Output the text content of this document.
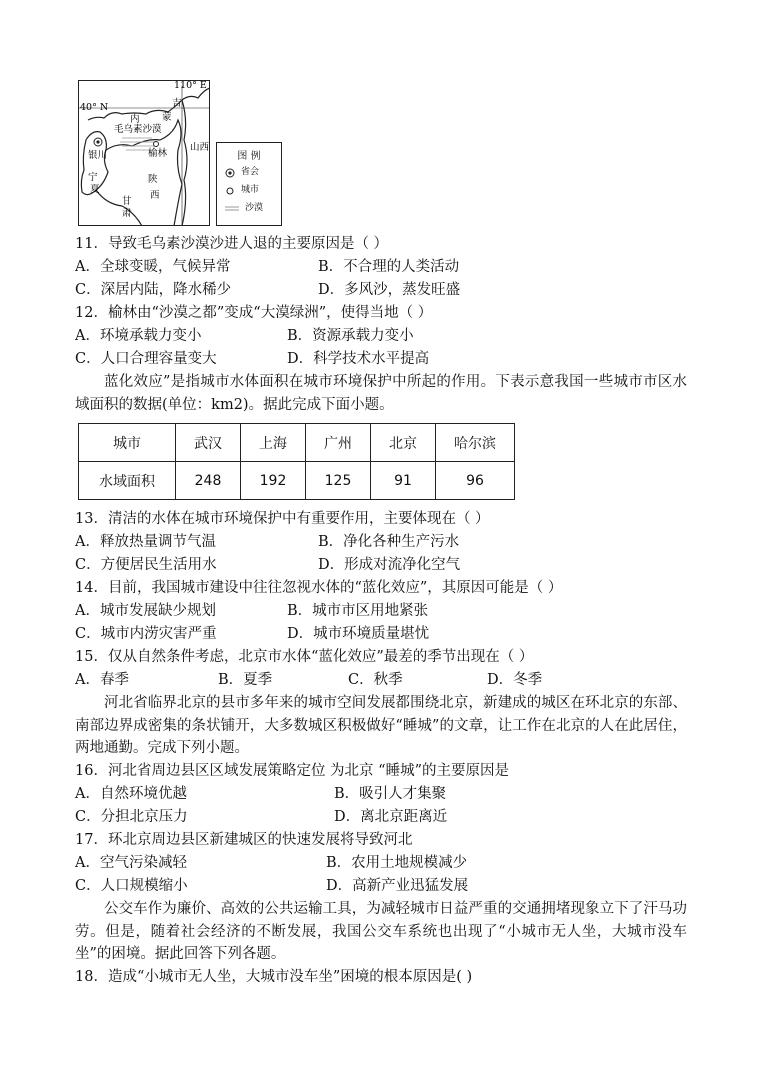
110° E
40° N	吉
内 蒙
毛乌素沙漠
银川	榆林
山西
宁
夏
陕
西
甘
肃
图 例
省会
城市
沙漠
11．导致毛乌素沙漠沙进人退的主要原因是（ ）
A．全球变暖，气候异常	B．不合理的人类活动
C．深居内陆，降水稀少	D．多风沙，蒸发旺盛
12．榆林由“沙漠之都”变成“大漠绿洲”，使得当地（ ）
A．环境承载力变小	B．资源承载力变小
C．人口合理容量变大	D．科学技术水平提高
蓝化效应”是指城市水体面积在城市环境保护中所起的作用。下表示意我国一些城市市区水域面积的数据(单位：km2)。据此完成下面小题。
城市	武汉	上海	广州	北京	哈尔滨
水域面积	248	192	125	91	96
13．清洁的水体在城市环境保护中有重要作用，主要体现在（ ）
A．释放热量调节气温	B．净化各种生产污水
C．方便居民生活用水	D．形成对流净化空气
14．目前，我国城市建设中往往忽视水体的“蓝化效应”，其原因可能是（ ）
A．城市发展缺少规划	B．城市市区用地紧张
C．城市内涝灾害严重	D．城市环境质量堪忧
15．仅从自然条件考虑，北京市水体“蓝化效应”最差的季节出现在（ ）
A．春季	B．夏季	C．秋季	D．冬季
河北省临界北京的县市多年来的城市空间发展都围绕北京，新建成的城区在环北京的东部、南部边界成密集的条状铺开，大多数城区积极做好“睡城”的文章，让工作在北京的人在此居住，两地通勤。完成下列小题。
16．河北省周边县区区域发展策略定位 为北京 “睡城”的主要原因是
A．自然环境优越	B．吸引人才集聚
C．分担北京压力	D．离北京距离近
17．环北京周边县区新建城区的快速发展将导致河北
A．空气污染减轻	B．农用土地规模减少
C．人口规模缩小	D．高新产业迅猛发展
公交车作为廉价、高效的公共运输工具，为减轻城市日益严重的交通拥堵现象立下了汗马功劳。但是，随着社会经济的不断发展，我国公交车系统也出现了“小城市无人坐，大城市没车坐”的困境。据此回答下列各题。
18．造成“小城市无人坐，大城市没车坐”困境的根本原因是( )
